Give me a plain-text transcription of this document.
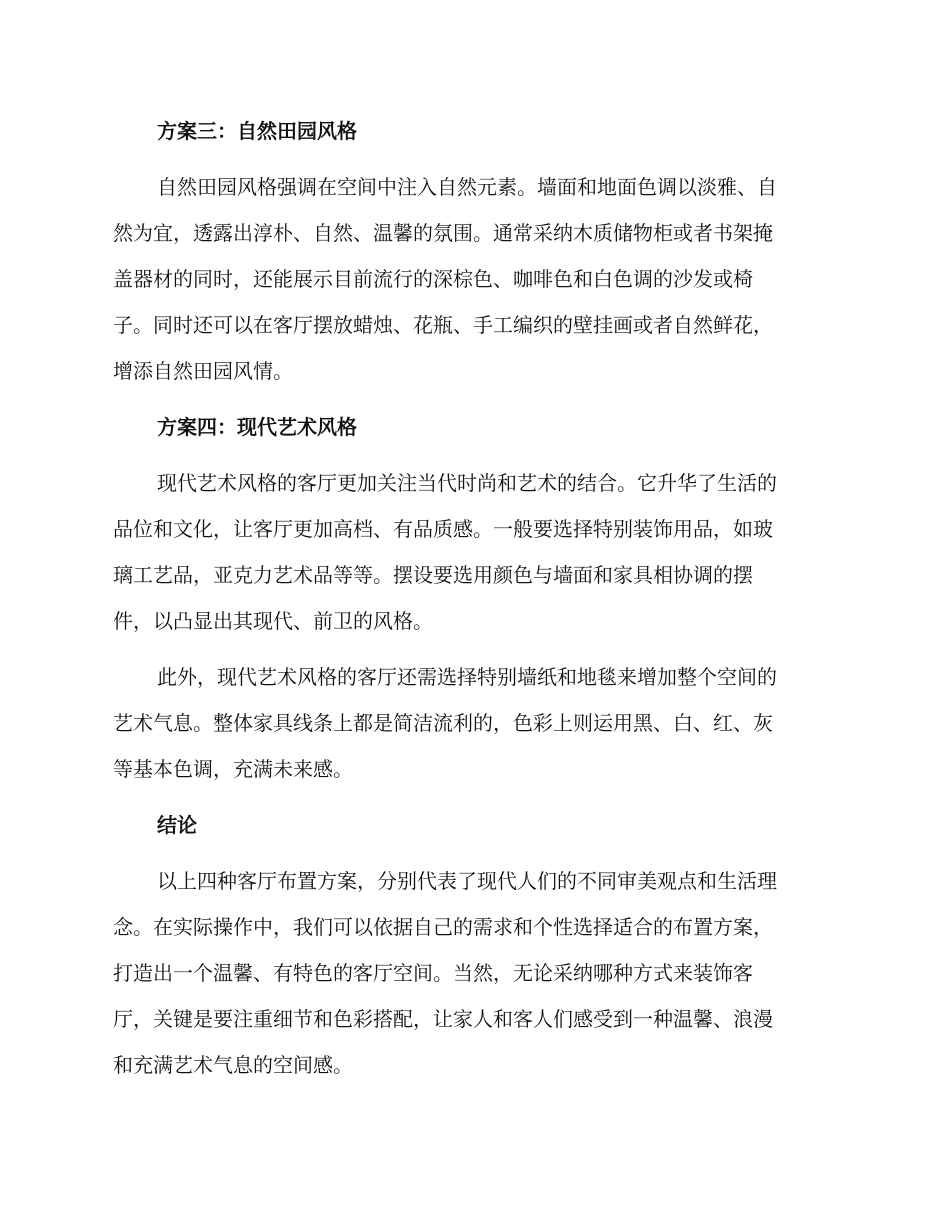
方案三：自然田园风格
自然田园风格强调在空间中注入自然元素。墙面和地面色调以淡雅、自
然为宜，透露出淳朴、自然、温馨的氛围。通常采纳木质储物柜或者书架掩
盖器材的同时，还能展示目前流行的深棕色、咖啡色和白色调的沙发或椅
子。同时还可以在客厅摆放蜡烛、花瓶、手工编织的壁挂画或者自然鲜花，
增添自然田园风情。
方案四：现代艺术风格
现代艺术风格的客厅更加关注当代时尚和艺术的结合。它升华了生活的
品位和文化，让客厅更加高档、有品质感。一般要选择特别装饰用品，如玻
璃工艺品，亚克力艺术品等等。摆设要选用颜色与墙面和家具相协调的摆
件，以凸显出其现代、前卫的风格。
此外，现代艺术风格的客厅还需选择特别墙纸和地毯来增加整个空间的
艺术气息。整体家具线条上都是简洁流利的，色彩上则运用黑、白、红、灰
等基本色调，充满未来感。
结论
以上四种客厅布置方案，分别代表了现代人们的不同审美观点和生活理
念。在实际操作中，我们可以依据自己的需求和个性选择适合的布置方案，
打造出一个温馨、有特色的客厅空间。当然，无论采纳哪种方式来装饰客
厅，关键是要注重细节和色彩搭配，让家人和客人们感受到一种温馨、浪漫
和充满艺术气息的空间感。
